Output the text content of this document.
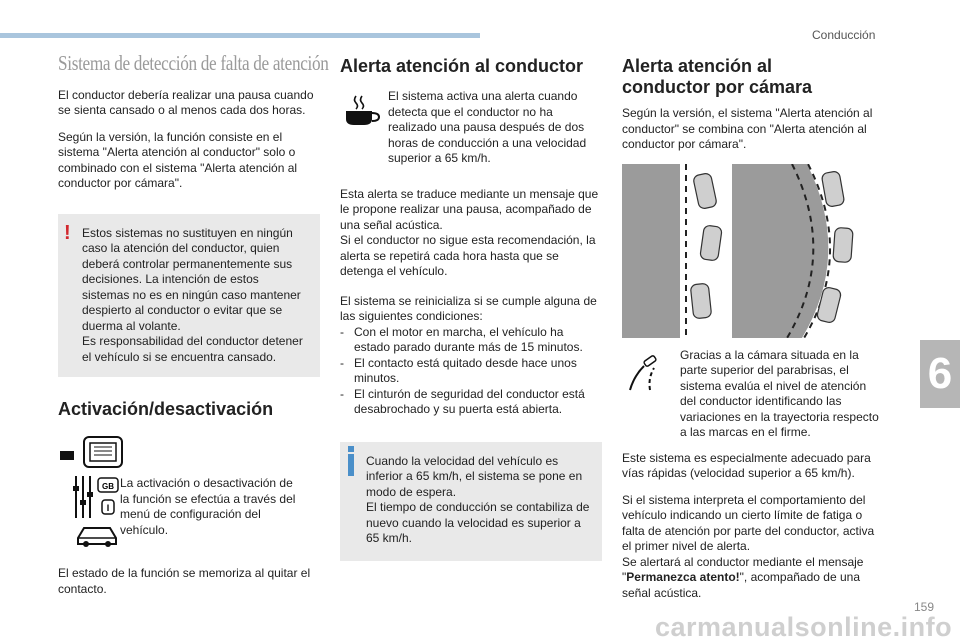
Conducción
6
Sistema de detección de falta de atención

El conductor debería realizar una pausa cuando se sienta cansado o al menos cada dos horas.

Según la versión, la función consiste en el sistema "Alerta atención al conductor" solo o combinado con el sistema "Alerta atención al conductor por cámara".

! Estos sistemas no sustituyen en ningún caso la atención del conductor, quien deberá controlar permanentemente sus decisiones. La intención de estos sistemas no es en ningún caso mantener despierto al conductor o evitar que se duerma al volante.
Es responsabilidad del conductor detener el vehículo si se encuentra cansado.
Activación/desactivación
GB
I
La activación o desactivación de la función se efectúa a través del menú de configuración del vehículo.

El estado de la función se memoriza al quitar el contacto.

Alerta atención al conductor
El sistema activa una alerta cuando detecta que el conductor no ha realizado una pausa después de dos horas de conducción a una velocidad superior a 65 km/h.

Esta alerta se traduce mediante un mensaje que le propone realizar una pausa, acompañado de una señal acústica.
Si el conductor no sigue esta recomendación, la alerta se repetirá cada hora hasta que se detenga el vehículo.

El sistema se reinicializa si se cumple alguna de las siguientes condiciones:

-   Con el motor en marcha, el vehículo ha estado parado durante más de 15 minutos.
-   El contacto está quitado desde hace unos minutos.
-   El cinturón de seguridad del conductor está desabrochado y su puerta está abierta.
Cuando la velocidad del vehículo es inferior a 65 km/h, el sistema se pone en modo de espera.
El tiempo de conducción se contabiliza de nuevo cuando la velocidad es superior a 65 km/h.
Alerta atención al
conductor por cámara

Según la versión, el sistema "Alerta atención al conductor" se combina con "Alerta atención al conductor por cámara".

Gracias a la cámara situada en la parte superior del parabrisas, el sistema evalúa el nivel de atención del conductor identificando las variaciones en la trayectoria respecto a las marcas en el firme.

Este sistema es especialmente adecuado para vías rápidas (velocidad superior a 65 km/h).

Si el sistema interpreta el comportamiento del vehículo indicando un cierto límite de fatiga o falta de atención por parte del conductor, activa el primer nivel de alerta.
Se alertará al conductor mediante el mensaje "Permanezca atento!", acompañado de una señal acústica.

159
carmanualsonline.info
